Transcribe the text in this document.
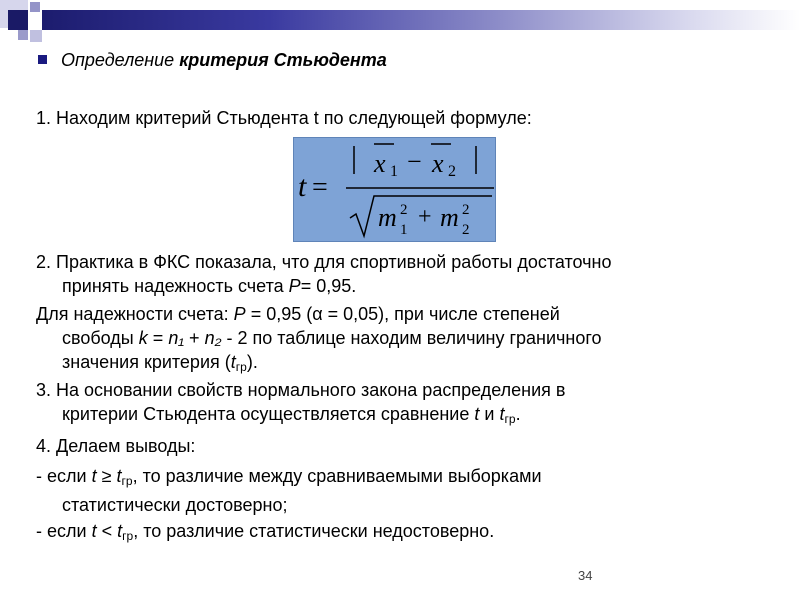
Определение критерия Стьюдента
1. Находим критерий Стьюдента t по следующей формуле:
t =
x 1 − x 2
m 2
1 + m 2
2
2. Практика в ФКС показала, что для спортивной работы достаточно
принять надежность счета P= 0,95.
Для надежности счета: P = 0,95 (α = 0,05), при числе степеней
свободы k = n₁ + n₂ - 2 по таблице находим величину граничного
значения критерия $(t_{гр})$.
3. На основании свойств нормального закона распределения в
критерии Стьюдента осуществляется сравнение t и $t_{гр}$.
4. Делаем выводы:
- если $t \ge t_{гр}$, то различие между сравниваемыми выборками
статистически достоверно;
- если $t < t_{гр}$, то различие статистически недостоверно.
34
